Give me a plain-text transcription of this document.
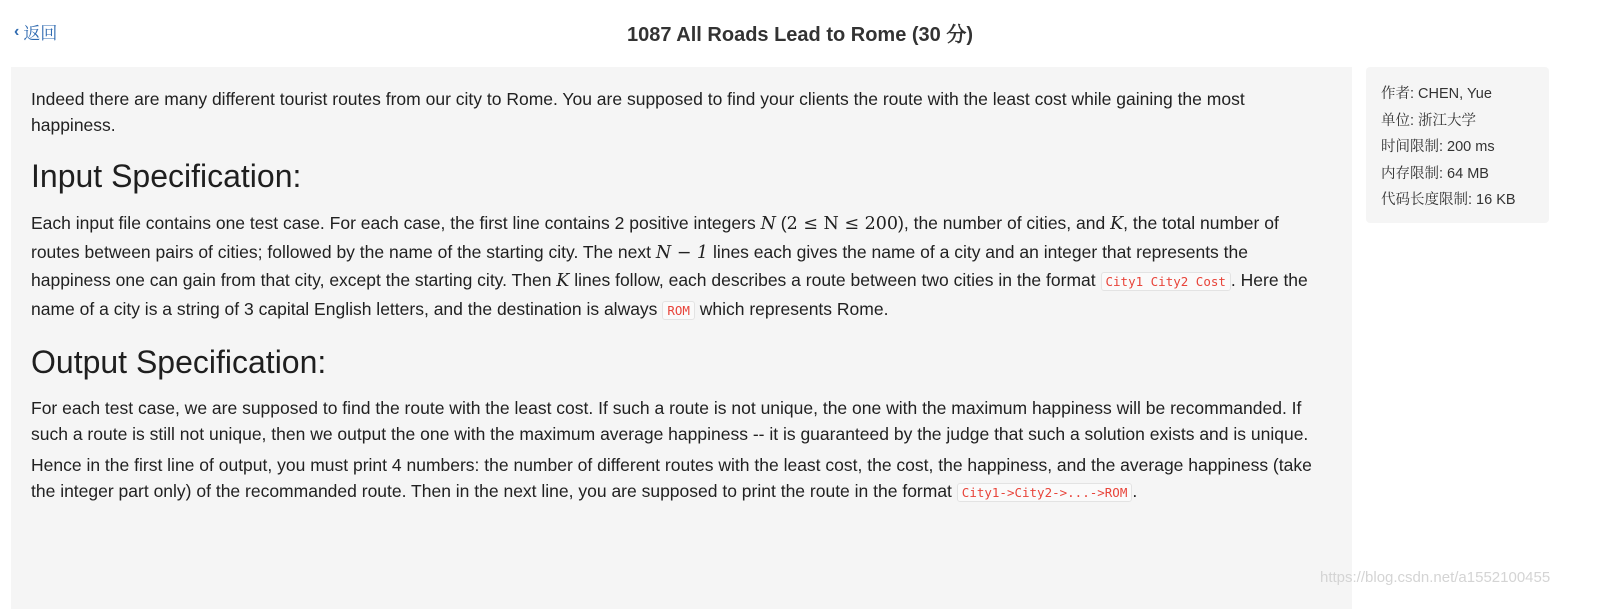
‹ 返回	1087 All Roads Lead to Rome (30 分)

Indeed there are many different tourist routes from our city to Rome. You are supposed to find your clients the route with the least cost while gaining the most happiness.

Input Specification:

Each input file contains one test case. For each case, the first line contains 2 positive integers N (2 ≤ N ≤ 200), the number of cities, and K, the total number of routes between pairs of cities; followed by the name of the starting city. The next N − 1 lines each gives the name of a city and an integer that represents the happiness one can gain from that city, except the starting city. Then K lines follow, each describes a route between two cities in the format City1 City2 Cost . Here the name of a city is a string of 3 capital English letters, and the destination is always ROM which represents Rome.

Output Specification:

For each test case, we are supposed to find the route with the least cost. If such a route is not unique, the one with the maximum happiness will be recommanded. If such a route is still not unique, then we output the one with the maximum average happiness -- it is guaranteed by the judge that such a solution exists and is unique.

Hence in the first line of output, you must print 4 numbers: the number of different routes with the least cost, the cost, the happiness, and the average happiness (take the integer part only) of the recommanded route. Then in the next line, you are supposed to print the route in the format City1->City2->...->ROM .

作者: CHEN, Yue
单位: 浙江大学
时间限制: 200 ms
内存限制: 64 MB
代码长度限制: 16 KB
https://blog.csdn.net/a1552100455
